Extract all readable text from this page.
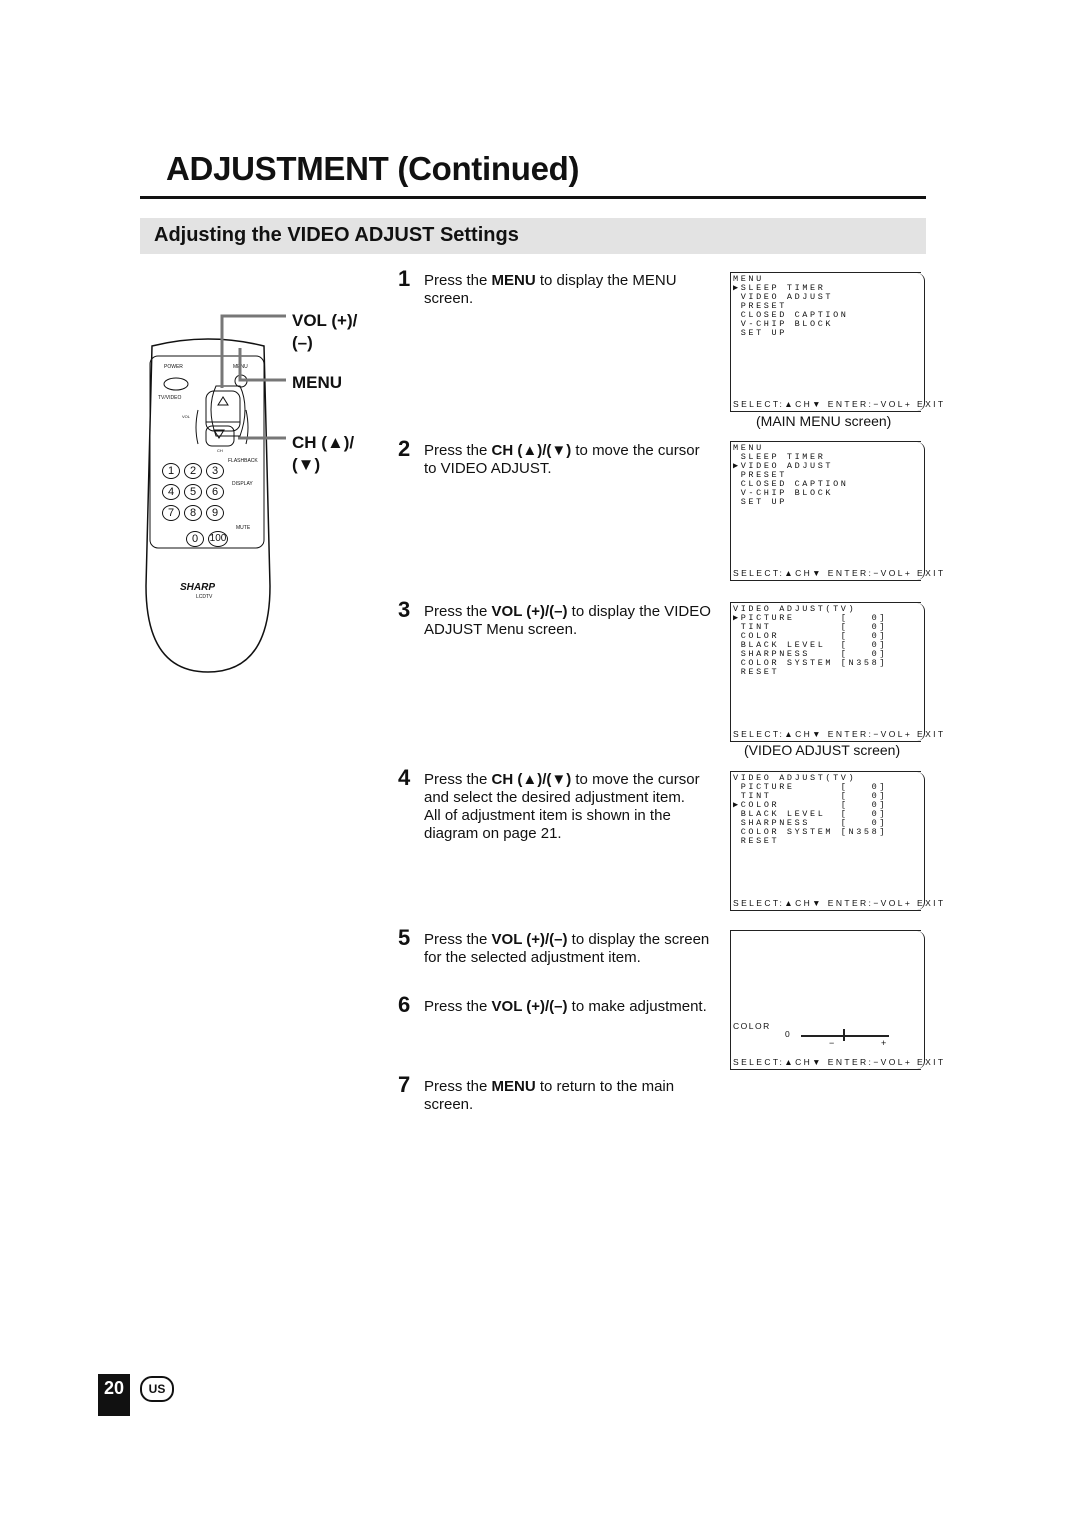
ADJUSTMENT (Continued)
Adjusting the VIDEO ADJUST Settings
POWER	MENU
TV/VIDEO
VOL
CH
FLASHBACK
DISPLAY
MUTE
1	2	3
4	5	6
7	8	9
0	100
SHARP
LCDTV
VOL (+)/
(–)
MENU
CH (▲)/
(▼)
1 Press the MENU to display the MENU screen.
2 Press the CH (▲)/(▼) to move the cursor to VIDEO ADJUST.
3 Press the VOL (+)/(–) to display the VIDEO ADJUST Menu screen.
4 Press the CH (▲)/(▼) to move the cursor and select the desired adjustment item.
All of adjustment item is shown in the diagram on page 21.
5 Press the VOL (+)/(–) to display the screen for the selected adjustment item.
6 Press the VOL (+)/(–) to make adjustment.
7 Press the MENU to return to the main screen.
MENU
▶SLEEP TIMER
VIDEO ADJUST
PRESET
CLOSED CAPTION
V-CHIP BLOCK
SET UP
SELECT:▲CH▼ ENTER:−VOL+ EXIT
(MAIN MENU screen)
MENU
SLEEP TIMER
▶VIDEO ADJUST
PRESET
CLOSED CAPTION
V-CHIP BLOCK
SET UP
SELECT:▲CH▼ ENTER:−VOL+ EXIT
VIDEO ADJUST(TV)
▶PICTURE      [   0]
TINT         [   0]
COLOR        [   0]
BLACK LEVEL  [   0]
SHARPNESS    [   0]
COLOR SYSTEM [N358]
RESET
SELECT:▲CH▼ ENTER:−VOL+ EXIT
(VIDEO ADJUST screen)
VIDEO ADJUST(TV)
PICTURE      [   0]
TINT         [   0]
▶COLOR        [   0]
BLACK LEVEL  [   0]
SHARPNESS    [   0]
COLOR SYSTEM [N358]
RESET
SELECT:▲CH▼ ENTER:−VOL+ EXIT
COLOR
0
−	+
SELECT:▲CH▼ ENTER:−VOL+ EXIT
20	US
